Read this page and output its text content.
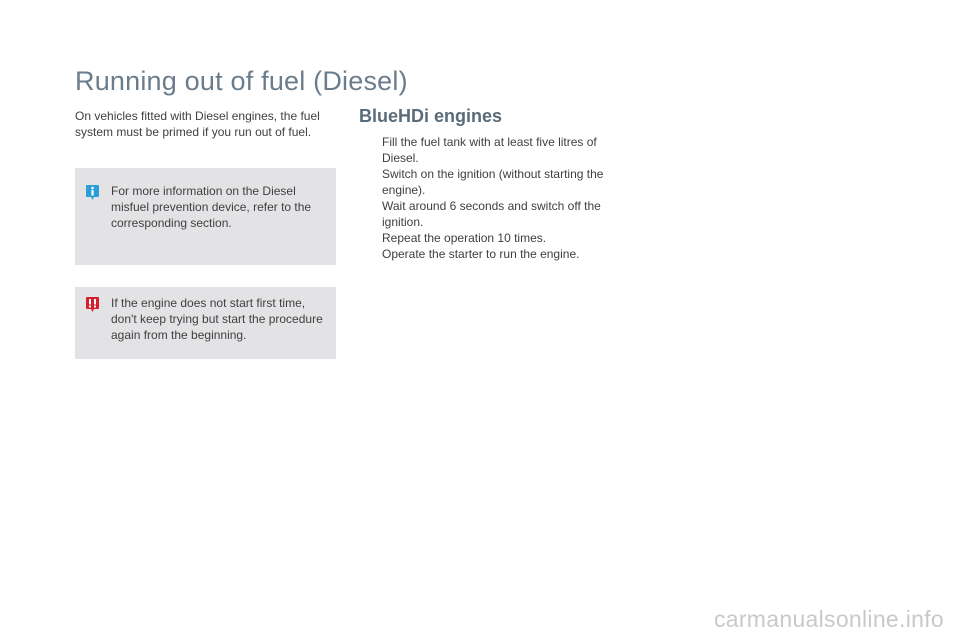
Running out of fuel (Diesel)

On vehicles fitted with Diesel engines, the fuel system must be primed if you run out of fuel.

For more information on the Diesel misfuel prevention device, refer to the corresponding section.
If the engine does not start first time, don't keep trying but start the procedure again from the beginning.
BlueHDi engines
Fill the fuel tank with at least five litres of Diesel.
Switch on the ignition (without starting the engine).
Wait around 6 seconds and switch off the ignition.
Repeat the operation 10 times.
Operate the starter to run the engine.
carmanualsonline.info
